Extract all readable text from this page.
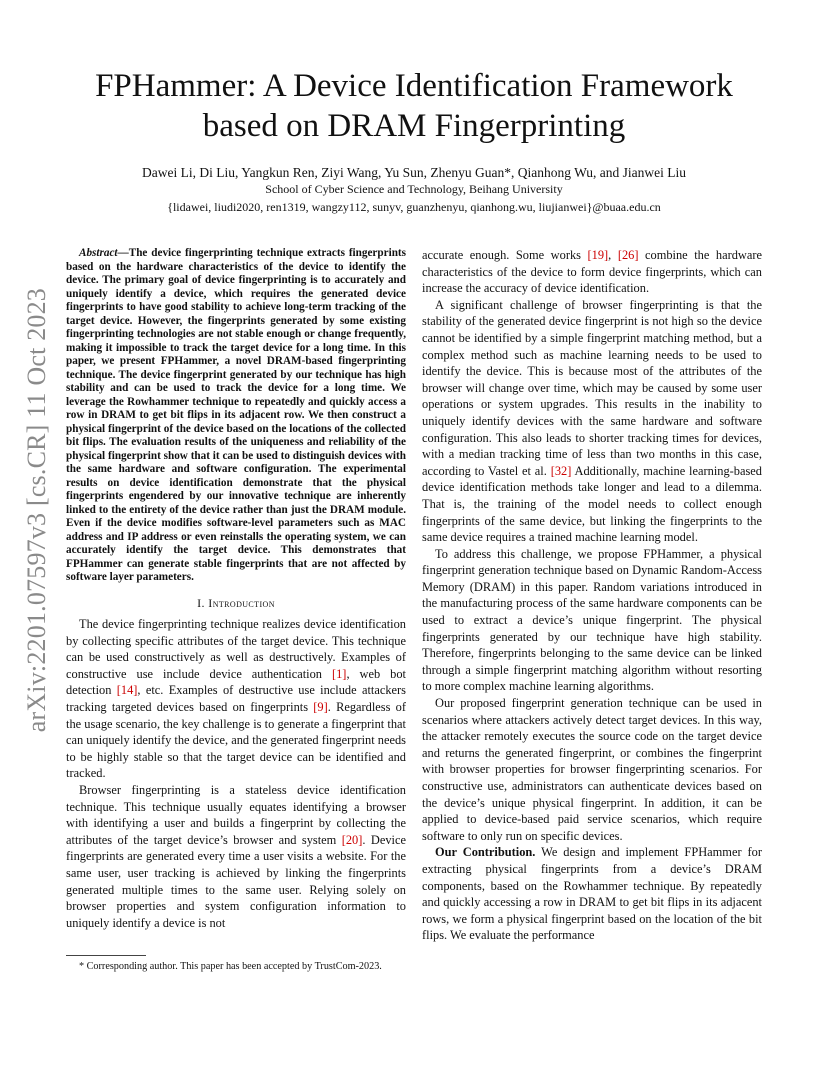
arXiv:2201.07597v3 [cs.CR] 11 Oct 2023
FPHammer: A Device Identification Framework based on DRAM Fingerprinting
Dawei Li, Di Liu, Yangkun Ren, Ziyi Wang, Yu Sun, Zhenyu Guan*, Qianhong Wu, and Jianwei Liu
School of Cyber Science and Technology, Beihang University
{lidawei, liudi2020, ren1319, wangzy112, sunyv, guanzhenyu, qianhong.wu, liujianwei}@buaa.edu.cn

Abstract—The device fingerprinting technique extracts fingerprints based on the hardware characteristics of the device to identify the device. The primary goal of device fingerprinting is to accurately and uniquely identify a device, which requires the generated device fingerprints to have good stability to achieve long-term tracking of the target device. However, the fingerprints generated by some existing fingerprinting technologies are not stable enough or change frequently, making it impossible to track the target device for a long time. In this paper, we present FPHammer, a novel DRAM-based fingerprinting technique. The device fingerprint generated by our technique has high stability and can be used to track the device for a long time. We leverage the Rowhammer technique to repeatedly and quickly access a row in DRAM to get bit flips in its adjacent row. We then construct a physical fingerprint of the device based on the locations of the collected bit flips. The evaluation results of the uniqueness and reliability of the physical fingerprint show that it can be used to distinguish devices with the same hardware and software configuration. The experimental results on device identification demonstrate that the physical fingerprints engendered by our innovative technique are inherently linked to the entirety of the device rather than just the DRAM module. Even if the device modifies software-level parameters such as MAC address and IP address or even reinstalls the operating system, we can accurately identify the target device. This demonstrates that FPHammer can generate stable fingerprints that are not affected by software layer parameters.

I. Introduction

The device fingerprinting technique realizes device identification by collecting specific attributes of the target device. This technique can be used constructively as well as destructively. Examples of constructive use include device authentication [1], web bot detection [14], etc. Examples of destructive use include attackers tracking targeted devices based on fingerprints [9]. Regardless of the usage scenario, the key challenge is to generate a fingerprint that can uniquely identify the device, and the generated fingerprint needs to be highly stable so that the target device can be identified and tracked.

Browser fingerprinting is a stateless device identification technique. This technique usually equates identifying a browser with identifying a user and builds a fingerprint by collecting the attributes of the target device’s browser and system [20]. Device fingerprints are generated every time a user visits a website. For the same user, user tracking is achieved by linking the fingerprints generated multiple times to the same user. Relying solely on browser properties and system configuration information to uniquely identify a device is not

accurate enough. Some works [19], [26] combine the hardware characteristics of the device to form device fingerprints, which can increase the accuracy of device identification.

A significant challenge of browser fingerprinting is that the stability of the generated device fingerprint is not high so the device cannot be identified by a simple fingerprint matching method, but a complex method such as machine learning needs to be used to identify the device. This is because most of the attributes of the browser will change over time, which may be caused by some user operations or system upgrades. This results in the inability to uniquely identify devices with the same hardware and software configuration. This also leads to shorter tracking times for devices, with a median tracking time of less than two months in this case, according to Vastel et al. [32] Additionally, machine learning-based device identification methods take longer and lead to a dilemma. That is, the training of the model needs to collect enough fingerprints of the same device, but linking the fingerprints to the same device requires a trained machine learning model.

To address this challenge, we propose FPHammer, a physical fingerprint generation technique based on Dynamic Random-Access Memory (DRAM) in this paper. Random variations introduced in the manufacturing process of the same hardware components can be used to extract a device’s unique fingerprint. The physical fingerprints generated by our technique have high stability. Therefore, fingerprints belonging to the same device can be linked through a simple fingerprint matching algorithm without resorting to more complex machine learning algorithms.

Our proposed fingerprint generation technique can be used in scenarios where attackers actively detect target devices. In this way, the attacker remotely executes the source code on the target device and returns the generated fingerprint, or combines the fingerprint with browser properties for browser fingerprinting scenarios. For constructive use, administrators can authenticate devices based on the device’s unique physical fingerprint. In addition, it can be applied to device-based paid service scenarios, which require software to only run on specific devices.

Our Contribution. We design and implement FPHammer for extracting physical fingerprints from a device’s DRAM components, based on the Rowhammer technique. By repeatedly and quickly accessing a row in DRAM to get bit flips in its adjacent rows, we form a physical fingerprint based on the location of the bit flips. We evaluate the performance

* Corresponding author. This paper has been accepted by TrustCom-2023.
